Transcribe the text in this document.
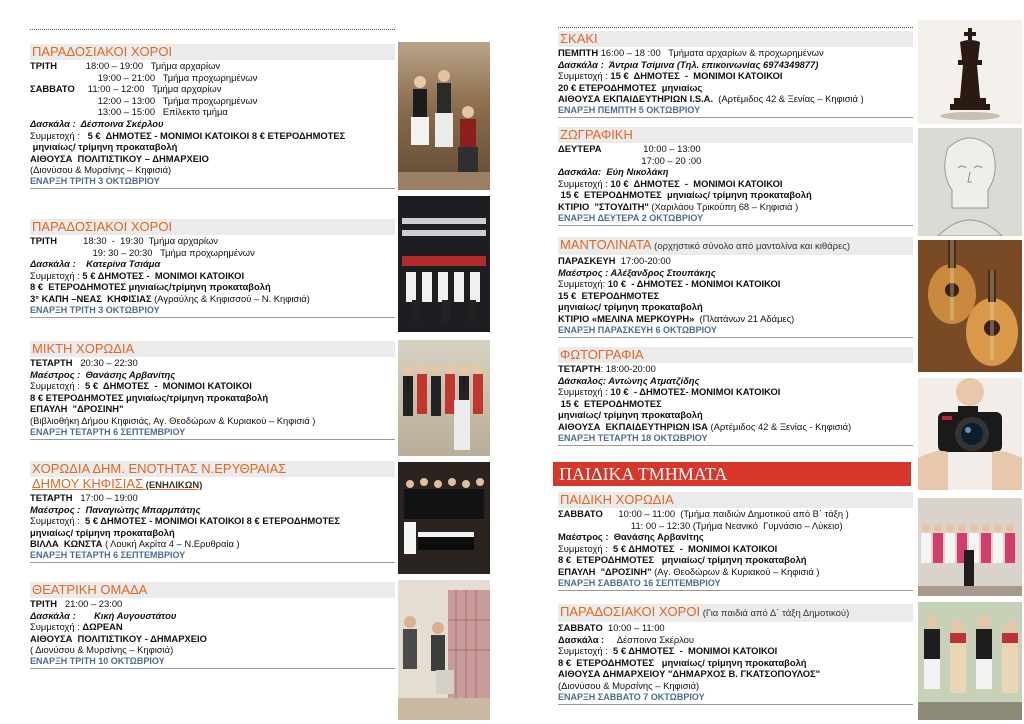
ΠΑΡΑΔΟΣΙΑΚΟΙ ΧΟΡΟΙ
ΤΡΙΤΗ           18:00 – 19:00   Τμήμα αρχαρίων
19:00 – 21:00   Τμήμα προχωρημένων
ΣΑΒΒΑΤΟ     11:00 – 12:00   Τμήμα αρχαρίων
12:00 – 13:00   Τμήμα προχωρημένων
13:00 – 15:00   Επίλεκτο τμήμα
Δασκάλα :  Δέσποινα Σκέρλου
Συμμετοχή :   5 €  ΔΗΜΟΤΕΣ - ΜΟΝΙΜΟΙ ΚΑΤΟΙΚΟΙ 8 € ΕΤΕΡΟΔΗΜΟΤΕΣ
μηνιαίως/ τρίμηνη προκαταβολή
ΑΙΘΟΥΣΑ  ΠΟΛΙΤΙΣΤΙΚΟΥ – ΔΗΜΑΡΧΕΙΟ
(Διονύσου & Μυρσίνης – Κηφισιά)
ΕΝΑΡΞΗ ΤΡΙΤΗ 3 ΟΚΤΩΒΡΙΟΥ
ΠΑΡΑΔΟΣΙΑΚΟΙ ΧΟΡΟΙ
ΤΡΙΤΗ          18:30  -  19:30  Τμήμα αρχαρίων
19: 30 – 20:30   Τμήμα προχωρημένων
Δασκάλα :    Κατερίνα Τσιάμα
Συμμετοχή : 5 € ΔΗΜΟΤΕΣ -  ΜΟΝΙΜΟΙ ΚΑΤΟΙΚΟΙ
8 €  ΕΤΕΡΟΔΗΜΟΤΕΣ μηνιαίως/τρίμηνη προκαταβολή
3° ΚΑΠΗ –ΝΕΑΣ  ΚΗΦΙΣΙΑΣ (Αγραύλης & Κηφισσού – Ν. Κηφισιά)
ΕΝΑΡΞΗ ΤΡΙΤΗ 3 ΟΚΤΩΒΡΙΟΥ
ΜΙΚΤΗ ΧΟΡΩΔΙΑ
ΤΕΤΑΡΤΗ   20:30 – 22:30
Μαέστρος :  Θανάσης Αρβανίτης
Συμμετοχή :  5 €  ΔΗΜΟΤΕΣ  -  ΜΟΝΙΜΟΙ ΚΑΤΟΙΚΟΙ
8 € ΕΤΕΡΟΔΗΜΟΤΕΣ μηνιαίως/τρίμηνη προκαταβολή
ΕΠΑΥΛΗ  "ΔΡΟΣΙΝΗ"
(Βιβλιοθήκη Δήμου Κηφισιάς, Αγ. Θεοδώρων & Κυριακού – Κηφισιά )
ΕΝΑΡΞΗ ΤΕΤΑΡΤΗ 6 ΣΕΠΤΕΜΒΡΙΟΥ
ΧΟΡΩΔΙΑ ΔΗΜ. ΕΝΟΤΗΤΑΣ Ν.ΕΡΥΘΡΑΙΑΣ
ΔΗΜΟΥ ΚΗΦΙΣΙΑΣ (ΕΝΗΛΙΚΩΝ)
ΤΕΤΑΡΤΗ   17:00 – 19:00
Μαέστρος :  Παναγιώτης Μπαρμπάτης
Συμμετοχή :  5 € ΔΗΜΟΤΕΣ - ΜΟΝΙΜΟΙ ΚΑΤΟΙΚΟΙ 8 € ΕΤΕΡΟΔΗΜΟΤΕΣ
μηνιαίως/ τρίμηνη προκαταβολή
ΒΙΛΛΑ  ΚΩΝΣΤΑ ( Λουκή Ακρίτα 4 – Ν.Ερυθραία )
ΕΝΑΡΞΗ ΤΕΤΑΡΤΗ 6 ΣΕΠΤΕΜΒΡΙΟΥ
ΘΕΑΤΡΙΚΗ ΟΜΑΔΑ
ΤΡΙΤΗ   21:00 – 23:00
Δασκάλα :       Κική Αυγουστάτου
Συμμετοχή : ΔΩΡΕΑΝ
ΑΙΘΟΥΣΑ  ΠΟΛΙΤΙΣΤΙΚΟΥ - ΔΗΜΑΡΧΕΙΟ
( Διονύσου & Μυρσίνης – Κηφισιά)
ΕΝΑΡΞΗ ΤΡΙΤΗ 10 ΟΚΤΩΒΡΙΟΥ
ΣΚΑΚΙ
ΠΕΜΠΤΗ 16:00 – 18 :00   Τμήματα αρχαρίων & προχωρημένων
Δασκάλα :  Άντρια Τσίμινα (Τηλ. επικοινωνίας 6974349877)
Συμμετοχή : 15 €  ΔΗΜΟΤΕΣ  -  ΜΟΝΙΜΟΙ ΚΑΤΟΙΚΟΙ
20 € ΕΤΕΡΟΔΗΜΟΤΕΣ  μηνιαίως
ΑΙΘΟΥΣΑ ΕΚΠΑΙΔΕΥΤΗΡΙΩΝ I.S.A.  (Αρτέμιδος 42 & Ξενίας – Κηφισιά )
ΕΝΑΡΞΗ ΠΕΜΠΤΗ 5 ΟΚΤΩΒΡΙΟΥ
ΖΩΓΡΑΦΙΚΗ
ΔΕΥΤΕΡΑ                10:00 – 13:00
17:00 – 20 :00
Δασκάλα:  Εύη Νικολάκη
Συμμετοχή : 10 €  ΔΗΜΟΤΕΣ  -  ΜΟΝΙΜΟΙ ΚΑΤΟΙΚΟΙ
15 €  ΕΤΕΡΟΔΗΜΟΤΕΣ  μηνιαίως/ τρίμηνη προκαταβολή
ΚΤΙΡΙΟ  "ΣΤΟΥΔΙΤΗ" (Χαριλάου Τρικούπη 68 – Κηφισιά )
ΕΝΑΡΞΗ ΔΕΥΤΕΡΑ 2 ΟΚΤΩΒΡΙΟΥ
ΜΑΝΤΟΛΙΝΑΤΑ (ορχηστικό σύνολο από μαντολίνα και κιθάρες)
ΠΑΡΑΣΚΕΥΗ  17:00-20:00
Μαέστρος : Αλέξανδρος Στουπάκης
Συμμετοχή: 10 €  - ΔΗΜΟΤΕΣ - ΜΟΝΙΜΟΙ ΚΑΤΟΙΚΟΙ
15 €  ΕΤΕΡΟΔΗΜΟΤΕΣ
μηνιαίως/ τρίμηνη προκαταβολή
ΚΤΙΡΙΟ «ΜΕΛΙΝΑ ΜΕΡΚΟΥΡΗ»  (Πλατάνων 21 Αδάμες)
ΕΝΑΡΞΗ ΠΑΡΑΣΚΕΥΗ 6 ΟΚΤΩΒΡΙΟΥ
ΦΩΤΟΓΡΑΦΙΑ
ΤΕΤΑΡΤΗ: 18:00-20:00
Δάσκαλος: Αντώνης Ατματζίδης
Συμμετοχή : 10 €  - ΔΗΜΟΤΕΣ- ΜΟΝΙΜΟΙ ΚΑΤΟΙΚΟΙ
15 €  ΕΤΕΡΟΔΗΜΟΤΕΣ
μηνιαίως/ τρίμηνη προκαταβολή
ΑΙΘΟΥΣΑ  ΕΚΠΑΙΔΕΥΤΗΡΙΩΝ ISA (Αρτέμιδος 42 & Ξενίας - Κηφισιά)
ΕΝΑΡΞΗ ΤΕΤΑΡΤΗ 18 ΟΚΤΩΒΡΙΟΥ
ΠΑΙΔΙΚΑ ΤΜΗΜΑΤΑ
ΠΑΙΔΙΚΗ ΧΟΡΩΔΙΑ
ΣΑΒΒΑΤΟ      10:00 – 11:00  (Τμήμα παιδιών Δημοτικού από Β΄ τάξη )
11: 00 – 12:30 (Τμήμα Νεανικό  Γυμνάσιο – Λύκειο)
Μαέστρος :  Θανάσης Αρβανίτης
Συμμετοχή :  5 € ΔΗΜΟΤΕΣ  -  ΜΟΝΙΜΟΙ ΚΑΤΟΙΚΟΙ
8 €  ΕΤΕΡΟΔΗΜΟΤΕΣ   μηνιαίως/ τρίμηνη προκαταβολή
ΕΠΑΥΛΗ  "ΔΡΟΣΙΝΗ" (Αγ. Θεοδώρων & Κυριακού – Κηφισιά )
ΕΝΑΡΞΗ ΣΑΒΒΑΤΟ 16 ΣΕΠΤΕΜΒΡΙΟΥ
ΠΑΡΑΔΟΣΙΑΚΟΙ ΧΟΡΟΙ (Για παιδιά από Δ΄ τάξη Δημοτικού)
ΣΑΒΒΑΤΟ  10:00 – 11:00
Δασκάλα :     Δέσποινα Σκέρλου
Συμμετοχή :  5 € ΔΗΜΟΤΕΣ  -  ΜΟΝΙΜΟΙ ΚΑΤΟΙΚΟΙ
8 €  ΕΤΕΡΟΔΗΜΟΤΕΣ   μηνιαίως/ τρίμηνη προκαταβολή
ΑΙΘΟΥΣΑ ΔΗΜΑΡΧΕΙΟΥ "ΔΗΜΑΡΧΟΣ Β. ΓΚΑΤΣΟΠΟΥΛΟΣ"
(Διονύσου & Μυρσίνης – Κηφισιά)
ΕΝΑΡΞΗ ΣΑΒΒΑΤΟ 7 ΟΚΤΩΒΡΙΟΥ
